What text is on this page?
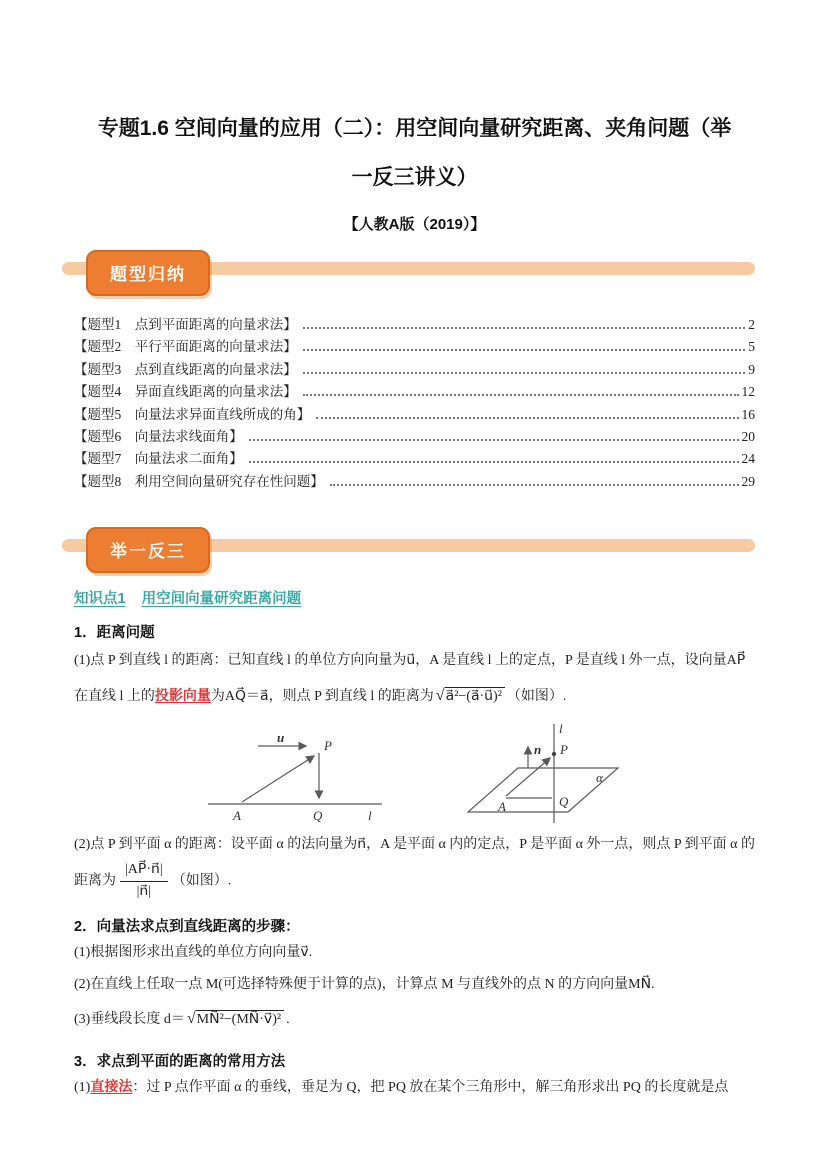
专题1.6 空间向量的应用（二）：用空间向量研究距离、夹角问题（举
一反三讲义）
【人教A版（2019）】
题型归纳
【题型1　点到平面距离的向量求法】	2
【题型2　平行平面距离的向量求法】	5
【题型3　点到直线距离的向量求法】	9
【题型4　异面直线距离的向量求法】	12
【题型5　向量法求异面直线所成的角】	16
【题型6　向量法求线面角】	20
【题型7　向量法求二面角】	24
【题型8　利用空间向量研究存在性问题】	29
举一反三
知识点1 用空间向量研究距离问题
1．距离问题

(1)点 P 到直线 l 的距离：已知直线 l 的单位方向向量为u⃗，A 是直线 l 上的定点，P 是直线 l 外一点，设向量AP⃗在直线 l 上的投影向量为AQ⃗＝a⃗，则点 P 到直线 l 的距离为 √a⃗²−(a⃗·u⃗)² （如图）.

u
P
A	Q	l
l
P
n
A	Q
α

(2)点 P 到平面 α 的距离：设平面 α 的法向量为n⃗，A 是平面 α 内的定点，P 是平面 α 外一点，则点 P 到平面 α 的距离为 $\frac{|AP⃗\cdot n⃗|}{|n⃗|}$ （如图）.

2．向量法求点到直线距离的步骤：

(1)根据图形求出直线的单位方向向量v⃗.

(2)在直线上任取一点 M(可选择特殊便于计算的点)，计算点 M 与直线外的点 N 的方向向量MN⃗.

(3)垂线段长度 d＝ √MN⃗²−(MN⃗·v⃗)² .

3．求点到平面的距离的常用方法

(1)直接法：过 P 点作平面 α 的垂线，垂足为 Q，把 PQ 放在某个三角形中，解三角形求出 PQ 的长度就是点
